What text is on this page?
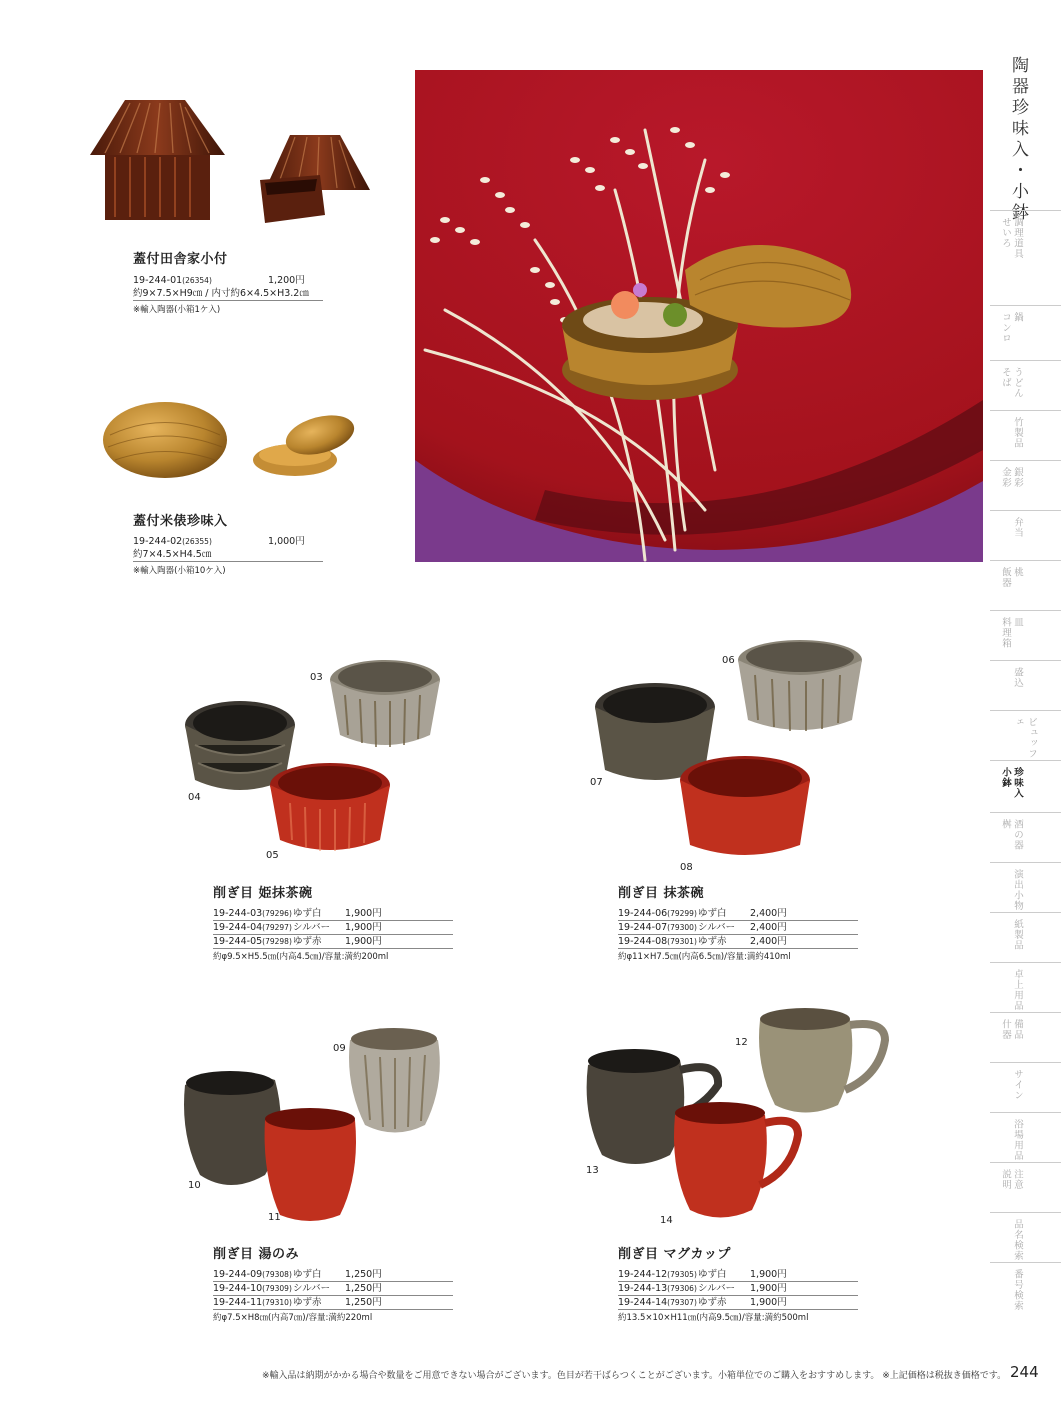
蓋付田舎家小付
19-244-01(26354)	1,200円
約9×7.5×H9㎝ / 内寸約6×4.5×H3.2㎝
※輸入陶器(小箱1ケ入)
蓋付米俵珍味入
19-244-02(26355)	1,000円
約7×4.5×H4.5㎝
※輸入陶器(小箱10ケ入)
03
04
05
削ぎ目 姫抹茶碗
19-244-03(79296) ゆず白	1,900円
19-244-04(79297) シルバー	1,900円
19-244-05(79298) ゆず赤	1,900円
約φ9.5×H5.5㎝(内高4.5㎝)/容量:満約200ml
06
07
08
削ぎ目 抹茶碗
19-244-06(79299) ゆず白	2,400円
19-244-07(79300) シルバー	2,400円
19-244-08(79301) ゆず赤	2,400円
約φ11×H7.5㎝(内高6.5㎝)/容量:満約410ml
09
10
11
削ぎ目 湯のみ
19-244-09(79308) ゆず白	1,250円
19-244-10(79309) シルバー	1,250円
19-244-11(79310) ゆず赤	1,250円
約φ7.5×H8㎝(内高7㎝)/容量:満約220ml
12
13
14
削ぎ目 マグカップ
19-244-12(79305) ゆず白	1,900円
19-244-13(79306) シルバー	1,900円
19-244-14(79307) ゆず赤	1,900円
約13.5×10×H11㎝(内高9.5㎝)/容量:満約500ml
陶器珍味入・小鉢
調理道具
せいろ
鍋
コンロ
うどん
そば
竹製品
銀彩
金彩
弁当
桃
飯器
皿
料理箱
盛込
ビュッフェ
珍味入
小鉢
酒の器
桝
演出小物
紙製品
卓上用品
備品
什器
サイン
浴場用品
注意
説明
品名検索
番号検索
※輸入品は納期がかかる場合や数量をご用意できない場合がございます。色目が若干ばらつくことがございます。小箱単位でのご購入をおすすめします。 ※上記価格は税抜き価格です。 244
